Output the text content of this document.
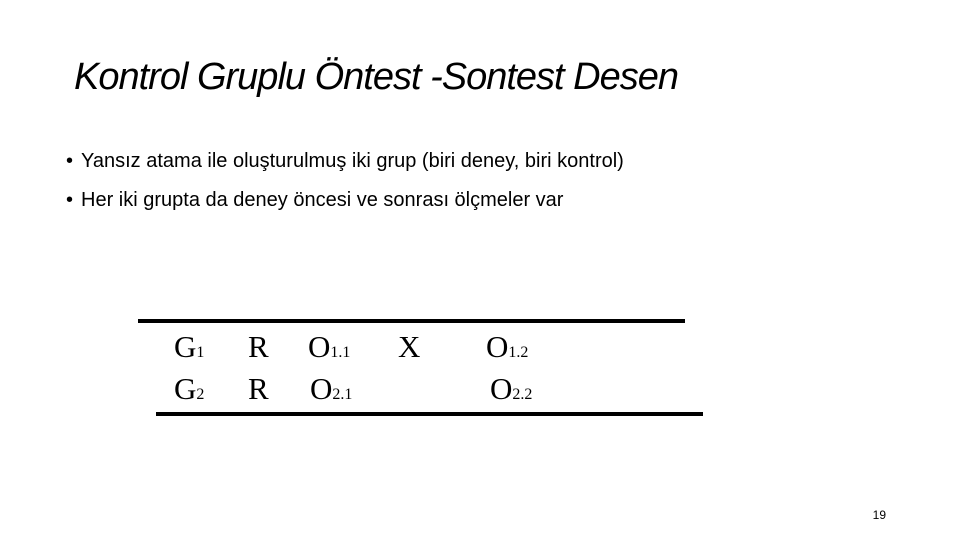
Kontrol Gruplu Öntest -Sontest Desen
• Yansız atama ile oluşturulmuş iki grup (biri deney, biri kontrol)
• Her iki grupta da deney öncesi ve sonrası ölçmeler var
G1 R O1.1 X O1.2
G2 R O2.1	O2.2
19
